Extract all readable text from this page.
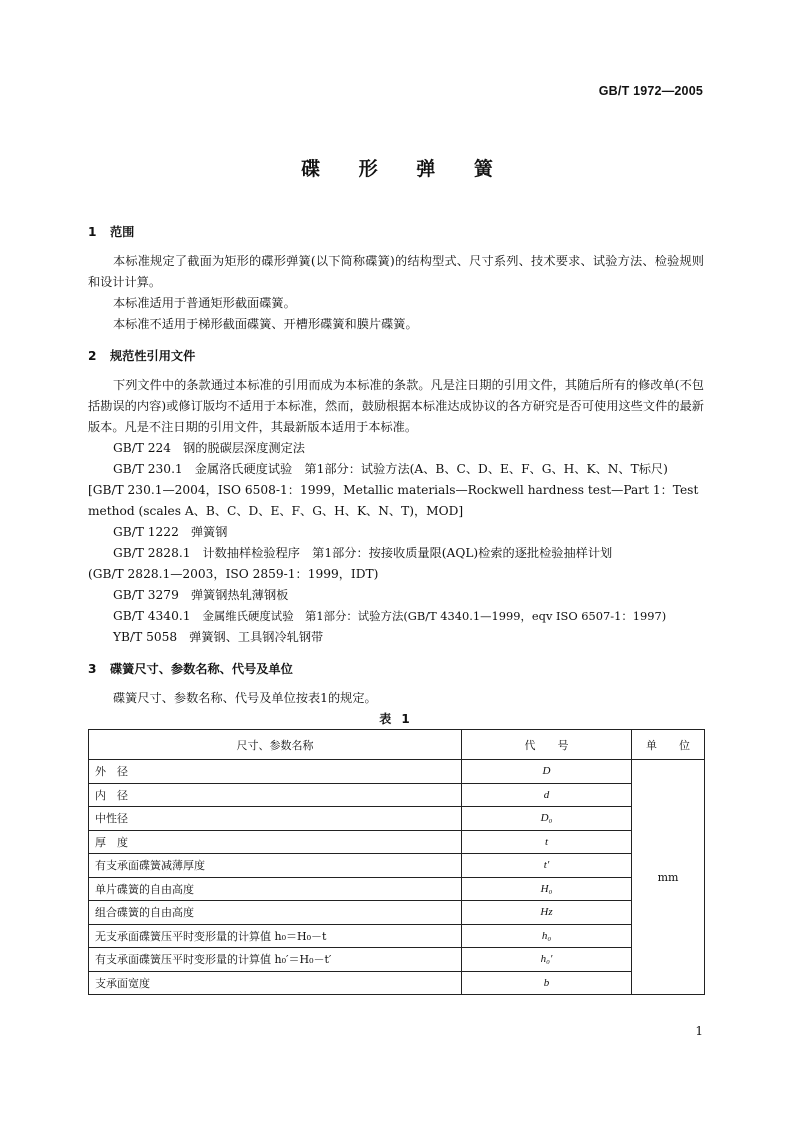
GB/T 1972—2005
碟 形 弹 簧
1 范围

本标准规定了截面为矩形的碟形弹簧(以下简称碟簧)的结构型式、尺寸系列、技术要求、试验方法、检验规则和设计计算。

本标准适用于普通矩形截面碟簧。

本标准不适用于梯形截面碟簧、开槽形碟簧和膜片碟簧。

2 规范性引用文件

下列文件中的条款通过本标准的引用而成为本标准的条款。凡是注日期的引用文件，其随后所有的修改单(不包括勘误的内容)或修订版均不适用于本标准，然而，鼓励根据本标准达成协议的各方研究是否可使用这些文件的最新版本。凡是不注日期的引用文件，其最新版本适用于本标准。

GB/T 224 钢的脱碳层深度测定法

GB/T 230.1 金属洛氏硬度试验　第1部分：试验方法(A、B、C、D、E、F、G、H、K、N、T标尺)

[GB/T 230.1—2004，ISO 6508-1：1999，Metallic materials—Rockwell hardness test—Part 1：Test method (scales A、B、C、D、E、F、G、H、K、N、T)，MOD]

GB/T 1222 弹簧钢

GB/T 2828.1 计数抽样检验程序　第1部分：按接收质量限(AQL)检索的逐批检验抽样计划

(GB/T 2828.1—2003，ISO 2859-1：1999，IDT)

GB/T 3279 弹簧钢热轧薄钢板

GB/T 4340.1 金属维氏硬度试验　第1部分：试验方法(GB/T 4340.1—1999，eqv ISO 6507-1：1997)

YB/T 5058 弹簧钢、工具钢冷轧钢带

3 碟簧尺寸、参数名称、代号及单位

碟簧尺寸、参数名称、代号及单位按表1的规定。

表 1
尺寸、参数名称	代　　号	单　　位
外　径	D	mm
内　径	d	
中性径	D₀	
厚　度	t	
有支承面碟簧减薄厚度	t′	
单片碟簧的自由高度	H₀	
组合碟簧的自由高度	Hz	
无支承面碟簧压平时变形量的计算值 h₀＝H₀－t	h₀	
有支承面碟簧压平时变形量的计算值 h₀′＝H₀－t′	h₀′	
支承面宽度	b	
1
